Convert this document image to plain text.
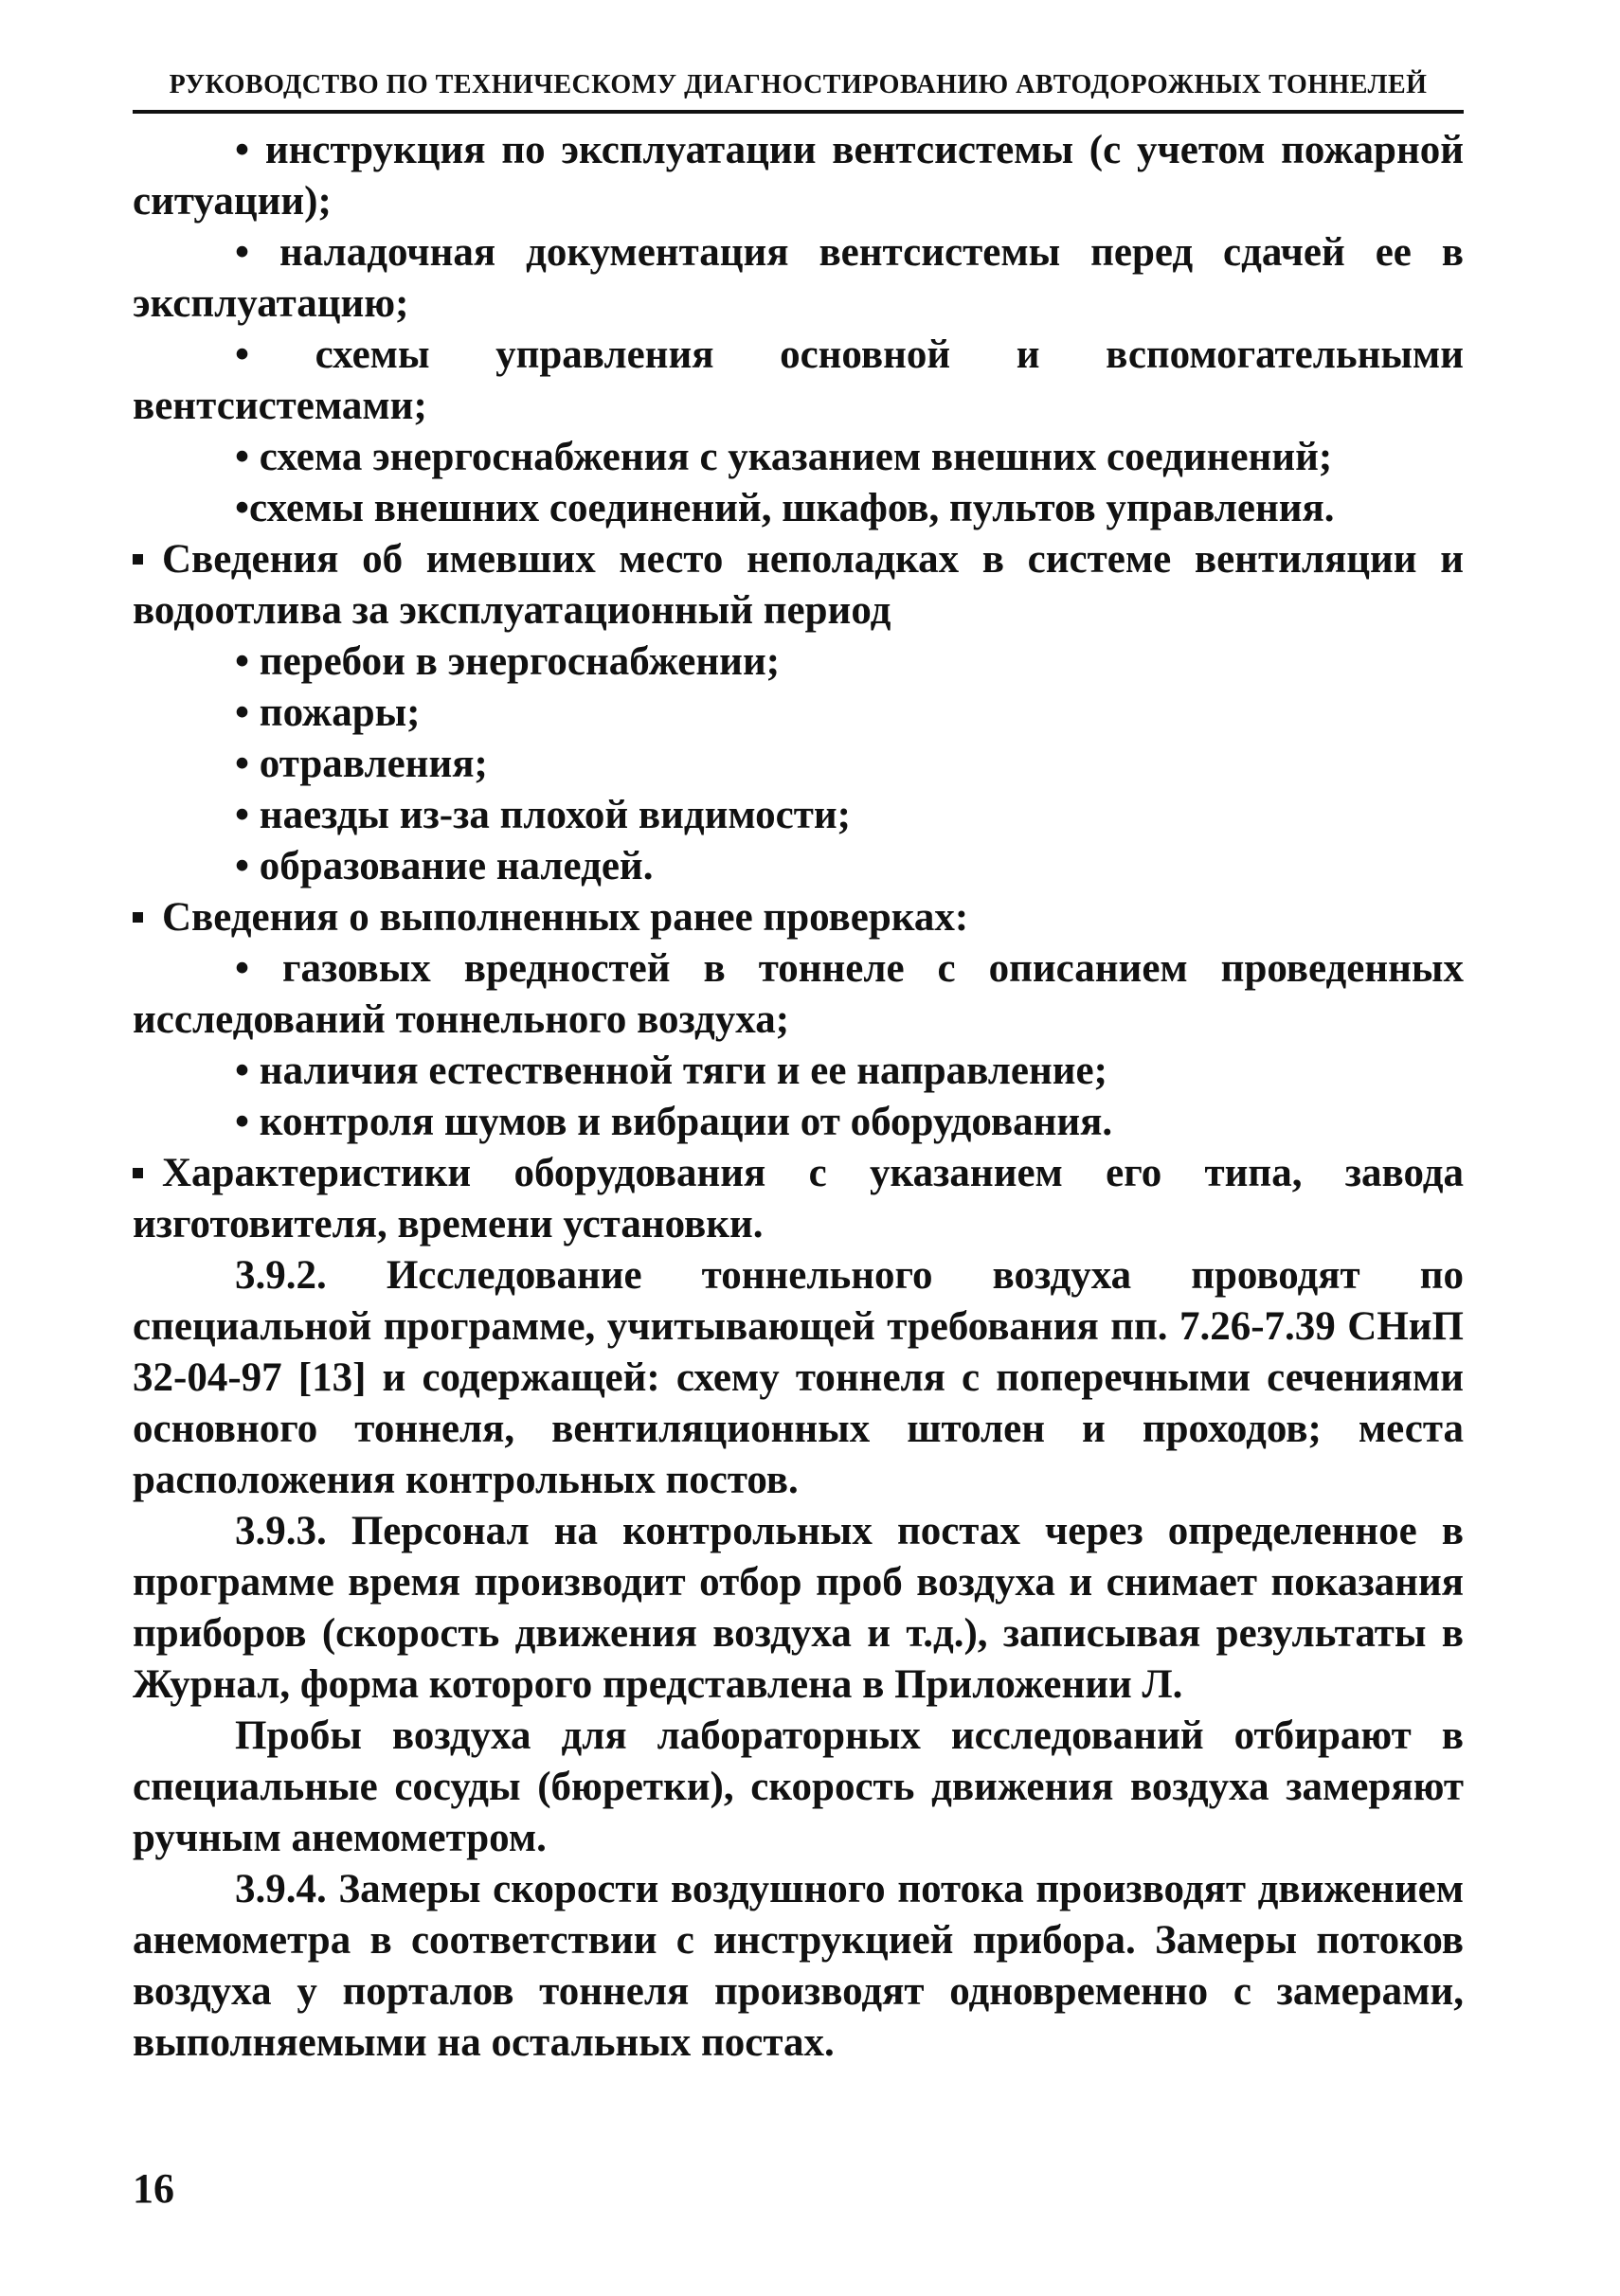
РУКОВОДСТВО ПО ТЕХНИЧЕСКОМУ ДИАГНОСТИРОВАНИЮ АВТОДОРОЖНЫХ ТОННЕЛЕЙ

• инструкция по эксплуатации вентсистемы (с учетом пожарной ситуации);

• наладочная документация вентсистемы перед сдачей ее в эксплуатацию;

• схемы управления основной и вспомогательными вентсистемами;

• схема энергоснабжения с указанием внешних соединений;

•схемы внешних соединений, шкафов, пультов управления.

Сведения об имевших место неполадках в системе вентиляции и водоотлива за эксплуатационный период

• перебои в энергоснабжении;

• пожары;

• отравления;

• наезды из-за плохой видимости;

• образование наледей.

Сведения о выполненных ранее проверках:

• газовых вредностей в тоннеле с описанием проведенных исследований тоннельного воздуха;

• наличия естественной тяги и ее направление;

• контроля шумов и вибрации от оборудования.

Характеристики оборудования с указанием его типа, завода изготовителя, времени установки.

3.9.2. Исследование тоннельного воздуха проводят по специальной программе, учитывающей требования пп. 7.26-7.39 СНиП 32-04-97 [13] и содержащей: схему тоннеля с поперечными сечениями основного тоннеля, вентиляционных штолен и проходов; места расположения контрольных постов.

3.9.3. Персонал на контрольных постах через определенное в программе время производит отбор проб воздуха и снимает показания приборов (скорость движения воздуха и т.д.), записывая результаты в Журнал, форма которого представлена в Приложении Л.

Пробы воздуха для лабораторных исследований отбирают в специальные сосуды (бюретки), скорость движения воздуха замеряют ручным анемометром.

3.9.4. Замеры скорости воздушного потока производят движением анемометра в соответствии с инструкцией прибора. Замеры потоков воздуха у порталов тоннеля производят одновременно с замерами, выполняемыми на остальных постах.

16
